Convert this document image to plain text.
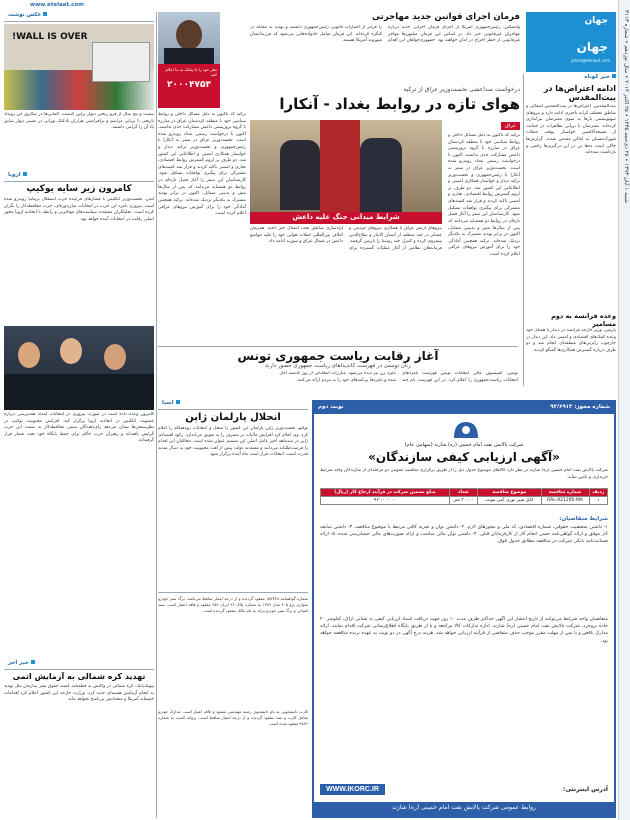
شنبه ۱ آبان ۱۳۹۳ • ۲۸ ذی‌حجه ۱۴۳۵ • ۲۵ اکتبر ۲۰۱۴ • سال نوزدهم • شماره ۳۱۱۳
www.etelaat.com
جهان
جهان
jahan@etelaat.com
خبر کوتاه
ادامه اعتراض‌ها در بیت‌المقدس
بیت‌المقدس، اعتراض‌ها در بیت‌المقدس اشغالی و مناطق مختلف کرانه باختری ادامه دارد و نیروهای صهیونیستی بارها به سوی معترضان تیراندازی کرده‌اند. معترضان با برپایی تظاهرات در حمایت از مسجدالاقصی خواستار توقف حملات شهرک‌نشینان به اماکن مقدس شدند. گزارش‌ها حاکی است ده‌ها تن در این درگیری‌ها زخمی و بازداشت شده‌اند.
وعده فرانسه به دوم مسامیر
پاریس، وزیر خارجه فرانسه در دیدار با همتای خود وعده کمک‌های اقتصادی و امنیتی داد. این دیدار در چارچوب رایزنی‌های منطقه‌ای انجام شد و دو طرف درباره گسترش همکاری‌ها گفتگو کردند.
فرمان اجرای قوانین جدید مهاجرتی
واشنگتن، رئیس‌جمهوری آمریکا از اجرای فرمان اجرایی جدید درباره مهاجران غیرقانونی خبر داد. بر اساس این فرمان میلیون‌ها مهاجر غیرقانونی از خطر اخراج در امان خواهند بود. جمهوری‌خواهان این اقدام را فراتر از اختیارات قانونی رئیس‌جمهوری دانسته و تهدید به مقابله در کنگره کرده‌اند. این فرمان شامل خانواده‌هایی می‌شود که فرزندانشان شهروند آمریکا هستند.
نظر خود را با پیامک به ما اعلام کنید
۲۰۰۰۴۷۵۳	درخواست ضداعشی نخست‌وزیر عراق از ترکیه
هوای تازه در روابط بغداد - آنکارا
عراق
ترکیه که تاکنون به دلیل مسائل داخلی و روابط سیاسی خود با منطقه کردستان عراق در مبارزه با گروه تروریستی داعش مشارکت جدی نداشته، اکنون با درخواست رسمی بغداد روبه‌رو شده است. نخست‌وزیر عراق در سفر به آنکارا با رئیس‌جمهوری و نخست‌وزیر ترکیه دیدار و خواستار همکاری امنیتی و اطلاعاتی این کشور شد. دو طرف بر لزوم گسترش روابط اقتصادی، تجاری و امنیتی تاکید کردند و قرار شد کمیته‌های مشترکی برای پیگیری توافقات تشکیل شود. کارشناسان این سفر را آغاز فصل تازه‌ای در روابط دو همسایه می‌دانند که پس از سال‌ها تنش و بدبینی متقابل، اکنون در برابر تهدید مشترک به یکدیگر نزدیک شده‌اند. ترکیه همچنین آمادگی خود را برای آموزش نیروهای عراقی اعلام کرده است.
شرایط میدانی جنگ علیه داعش
نیروهای ارتش عراق با همکاری نیروهای مردمی و عشایر در چند منطقه از استان الانبار و صلاح‌الدین پیشروی کرده و کنترل چند روستا را بازپس گرفتند. فرماندهان نظامی از آغاز عملیات گسترده برای آزادسازی مناطق تحت اشغال خبر دادند. همزمان ائتلاف بین‌المللی حملات هوایی خود را علیه مواضع داعش در شمال عراق و سوریه ادامه داد.
ترکیه که تاکنون به دلیل مسائل داخلی و روابط سیاسی خود با منطقه کردستان عراق در مبارزه با گروه تروریستی داعش مشارکت جدی نداشته، اکنون با درخواست رسمی بغداد روبه‌رو شده است. نخست‌وزیر عراق در سفر به آنکارا با رئیس‌جمهوری و نخست‌وزیر ترکیه دیدار و خواستار همکاری امنیتی و اطلاعاتی این کشور شد. دو طرف بر لزوم گسترش روابط اقتصادی، تجاری و امنیتی تاکید کردند و قرار شد کمیته‌های مشترکی برای پیگیری توافقات تشکیل شود. کارشناسان این سفر را آغاز فصل تازه‌ای در روابط دو همسایه می‌دانند که پس از سال‌ها تنش و بدبینی متقابل، اکنون در برابر تهدید مشترک به یکدیگر نزدیک شده‌اند. ترکیه همچنین آمادگی خود را برای آموزش نیروهای عراقی اعلام کرده است.
آغاز رقابت ریاست جمهوری تونس
زنان تونسی در فهرست کاندیداهای ریاست جمهوری حضور دارند
تونس، کمیسیون عالی انتخابات تونس فهرست نامزدهای انتخابات ریاست‌جمهوری را اعلام کرد. در این فهرست نام چند نامزد زن نیز دیده می‌شود. مبارزات انتخاباتی از روز گذشته آغاز شده و نامزدها برنامه‌های خود را به مردم ارائه می‌کنند.
عکس نوشت
WALL IS OVER!
بیست و پنج سال از فرو ریختن دیوار برلین گذشت. آلمانی‌ها در سالروز این رویداد تاریخی با برپایی مراسم و برافراشتن هزاران بادکنک نورانی در مسیر دیوار سابق یاد آن را گرامی داشتند.
اروپا
کامرون زیر سایه یوکیپ
لندن، نخست‌وزیر انگلیس با فشارهای فزاینده حزب استقلال بریتانیا روبه‌رو شده است. پیروزی نامزد این حزب در انتخابات میان‌دوره‌ای، حزب محافظه‌کار را نگران کرده است. تحلیلگران معتقدند سیاست‌های مهاجرتی و رابطه با اتحادیه اروپا محور اصلی رقابت در انتخابات آینده خواهد بود.
کامرون وعده داده است در صورت پیروزی در انتخابات آینده، همه‌پرسی درباره عضویت انگلیس در اتحادیه اروپا برگزار کند. افزایش محبوبیت یوکیپ در نظرسنجی‌ها نشان می‌دهد رای‌دهندگان سنتی محافظه‌کار به سمت این حزب گرایش یافته‌اند و رهبران حزب حاکم برای حفظ پایگاه خود تحت فشار قرار گرفته‌اند.
خبر آخر
تهدید کره شمالی به آزمایش اتمی
پیونگ‌یانگ، کره شمالی در واکنش به قطعنامه کمیته حقوق بشر سازمان ملل تهدید به انجام آزمایش هسته‌ای جدید کرد. وزارت خارجه این کشور اعلام کرد اقدامات خصمانه آمریکا و متحدانش بی‌پاسخ نخواهد ماند.
آسیا
انحلال پارلمان ژاپن
توکیو، نخست‌وزیر ژاپن پارلمان این کشور را منحل و انتخابات زودهنگام را اعلام کرد. وی اعلام کرد افزایش مالیات بر مصرف را به تعویق می‌اندازد. رکود اقتصادی ژاپن در سه‌ماهه اخیر عامل اصلی این تصمیم عنوان شده است. مخالفان این اقدام را فرصت‌طلبانه می‌دانند و معتقدند دولت پیش از افت محبوبیت خود به دنبال تمدید قدرت است. انتخابات قرار است ماه آینده برگزار شود.
شماره گواهینامه ۱۵۲۳۴۸ مفقود گردیده و از درجه اعتبار ساقط می‌باشد. برگ سبز خودرو سواری پژو ۴۰۵ مدل ۱۳۸۹ به شماره پلاک ۲۲ ایران ۴۵۶ مفقود و فاقد اعتبار است. سند کمپانی و برگ سبز خودرو پراید به نام مالک مفقود گردیده است.
کارت دانشجویی به نام دانشجوی رشته مهندسی مفقود و فاقد اعتبار است. مدارک خودرو شامل کارت و سند مفقود گردیده و از درجه اعتبار ساقط است. پروانه کسب به شماره ۹۸۷۶ مفقود شده است.
شماره مجوز: ۹۳/۶۹۱۳
نوبت دوم
شرکت پالایش نفت امام خمینی (ره) شازند (سهامی عام)
«آگهی ارزیابی کیفی سازندگان»
شرکت پالایش نفت امام خمینی (ره) شازند در نظر دارد کالاهای موضوع جدول ذیل را از طریق برگزاری مناقصه عمومی دو مرحله‌ای از سازندگان واجد شرایط خریداری و تامین نماید.
ردیف	شماره مناقصه	موضوع مناقصه	تعداد	مبلغ تضمین شرکت در فرآیند ارجاع کار (ریال)
۱	RAL-921295-MA	کابل فیبر نوری آنتی مونت	۳۰۰۰۰ متر	۹۶٬۰۰۰٬۰۰۰
شرایط متقاضیان:
۱- داشتن شخصیت حقوقی، شماره اقتصادی، کد ملی و مجوزهای لازم. ۲- داشتن توان و تجربه کافی مرتبط با موضوع مناقصه. ۳- داشتن سابقه کار موفق و ارائه گواهی‌نامه حسن انجام کار از کارفرمایان قبلی. ۴- داشتن توان مالی مناسب و ارائه صورت‌های مالی حسابرسی شده. ۵- ارائه ضمانت‌نامه بانکی شرکت در مناقصه مطابق جدول فوق.
متقاضیان واجد شرایط می‌توانند از تاریخ انتشار این آگهی حداکثر ظرف مدت ۱۰ روز جهت دریافت اسناد ارزیابی کیفی به نشانی اراک، کیلومتر ۲۰ جاده بروجرد، شرکت پالایش نفت امام خمینی (ره) شازند، اداره تدارکات کالا مراجعه و یا از طریق پایگاه اطلاع‌رسانی شرکت اقدام نمایند. ارائه مدارک ناقص و یا پس از مهلت مقرر موجب حذف متقاضی از فرآیند ارزیابی خواهد شد. هزینه درج آگهی در دو نوبت به عهده برنده مناقصه خواهد بود.
آدرس اینترنتی:
WWW.IKORC.IR
روابط عمومی شرکت پالایش نفت امام خمینی (ره) شازند
